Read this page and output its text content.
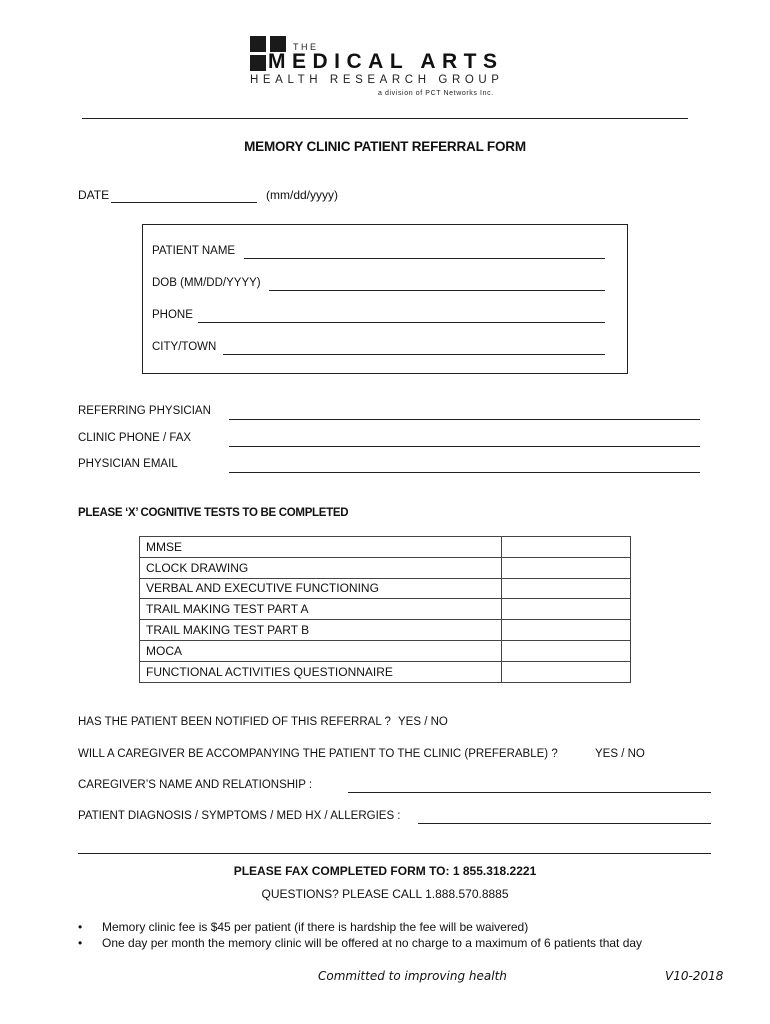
THE
MEDICAL ARTS
HEALTH RESEARCH GROUP
a division of PCT Networks Inc.
MEMORY CLINIC PATIENT REFERRAL FORM
DATE	(mm/dd/yyyy)
PATIENT NAME
DOB (MM/DD/YYYY)
PHONE
CITY/TOWN
REFERRING PHYSICIAN
CLINIC PHONE / FAX
PHYSICIAN EMAIL
PLEASE ‘X’ COGNITIVE TESTS TO BE COMPLETED
MMSE	
CLOCK DRAWING	
VERBAL AND EXECUTIVE FUNCTIONING	
TRAIL MAKING TEST PART A	
TRAIL MAKING TEST PART B	
MOCA	
FUNCTIONAL ACTIVITIES QUESTIONNAIRE	
HAS THE PATIENT BEEN NOTIFIED OF THIS REFERRAL ? YES / NO
WILL A CAREGIVER BE ACCOMPANYING THE PATIENT TO THE CLINIC (PREFERABLE) ?	YES / NO
CAREGIVER’S NAME AND RELATIONSHIP :
PATIENT DIAGNOSIS / SYMPTOMS / MED HX / ALLERGIES :
PLEASE FAX COMPLETED FORM TO: 1 855.318.2221
QUESTIONS? PLEASE CALL 1.888.570.8885
• Memory clinic fee is $45 per patient (if there is hardship the fee will be waivered)
• One day per month the memory clinic will be offered at no charge to a maximum of 6 patients that day
Committed to improving health	V10-2018
